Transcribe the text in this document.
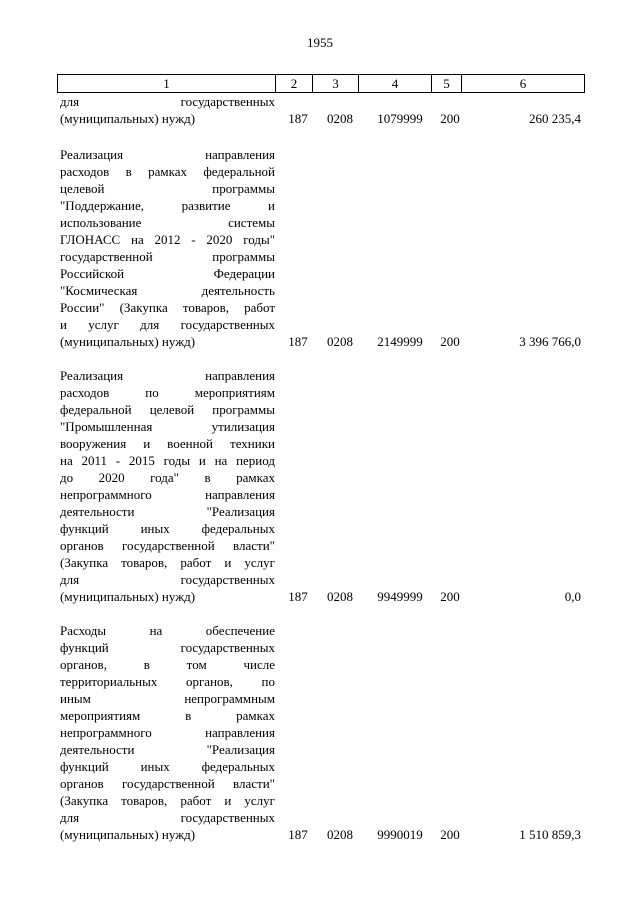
1955
1	2	3	4	5	6
для государственных
(муниципальных) нужд)	187	0208	1079999	200	260 235,4
Реализация направления
расходов в рамках федеральной
целевой программы
"Поддержание, развитие и
использование системы
ГЛОНАСС на 2012 - 2020 годы"
государственной программы
Российской Федерации
"Космическая деятельность
России" (Закупка товаров, работ
и услуг для государственных
(муниципальных) нужд)	187	0208	2149999	200	3 396 766,0
Реализация направления
расходов по мероприятиям
федеральной целевой программы
"Промышленная утилизация
вооружения и военной техники
на 2011 - 2015 годы и на период
до 2020 года" в рамках
непрограммного направления
деятельности "Реализация
функций иных федеральных
органов государственной власти"
(Закупка товаров, работ и услуг
для государственных
(муниципальных) нужд)	187	0208	9949999	200	0,0
Расходы на обеспечение
функций государственных
органов, в том числе
территориальных органов, по
иным непрограммным
мероприятиям в рамках
непрограммного направления
деятельности "Реализация
функций иных федеральных
органов государственной власти"
(Закупка товаров, работ и услуг
для государственных
(муниципальных) нужд)	187	0208	9990019	200	1 510 859,3
